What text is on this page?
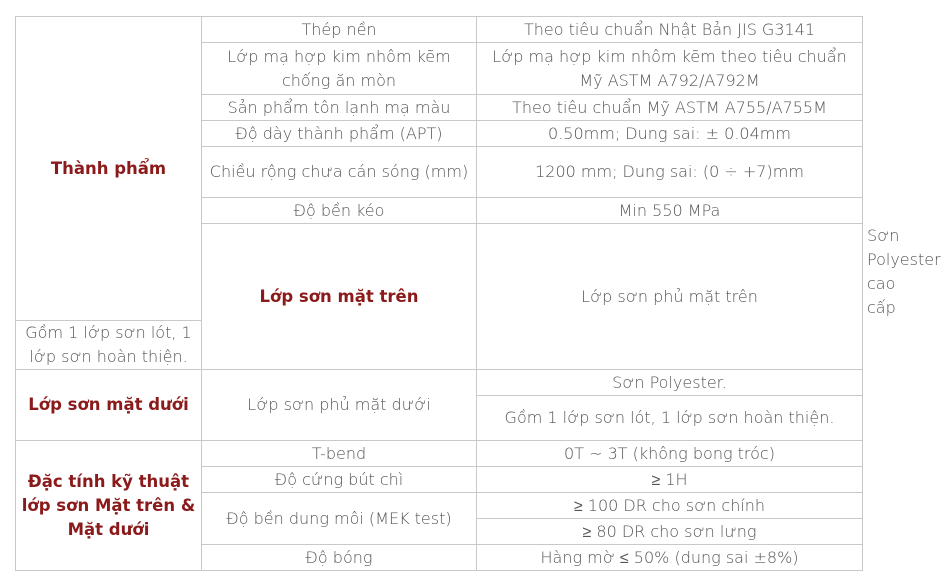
Thành phẩm	Thép nền	Theo tiêu chuẩn Nhật Bản JIS G3141	
	Lớp mạ hợp kim nhôm kẽm chống ăn mòn	Lớp mạ hợp kim nhôm kẽm theo tiêu chuẩn Mỹ ASTM A792/A792M	
	Sản phẩm tôn lạnh mạ màu	Theo tiêu chuẩn Mỹ ASTM A755/A755M	
	Độ dày thành phẩm (APT)	0.50mm; Dung sai: ± 0.04mm	
	Chiều rộng chưa cán sóng (mm)	1200 mm; Dung sai: (0 ÷ +7)mm	
	Độ bền kéo	Min 550 MPa	
	Lớp sơn mặt trên	Lớp sơn phủ mặt trên	Sơn Polyester cao cấp
Gồm 1 lớp sơn lót, 1 lớp sơn hoàn thiện.			
Lớp sơn mặt dưới	Lớp sơn phủ mặt dưới	Sơn Polyester.	
		Gồm 1 lớp sơn lót, 1 lớp sơn hoàn thiện.	
Đặc tính kỹ thuật lớp sơn Mặt trên & Mặt dưới	T-bend	0T ~ 3T (không bong tróc)	
	Độ cứng bút chì	≥ 1H	
	Độ bền dung môi (MEK test)	≥ 100 DR cho sơn chính	
		≥ 80 DR cho sơn lưng	
	Độ bóng	Hàng mờ ≤ 50% (dung sai ±8%)	
